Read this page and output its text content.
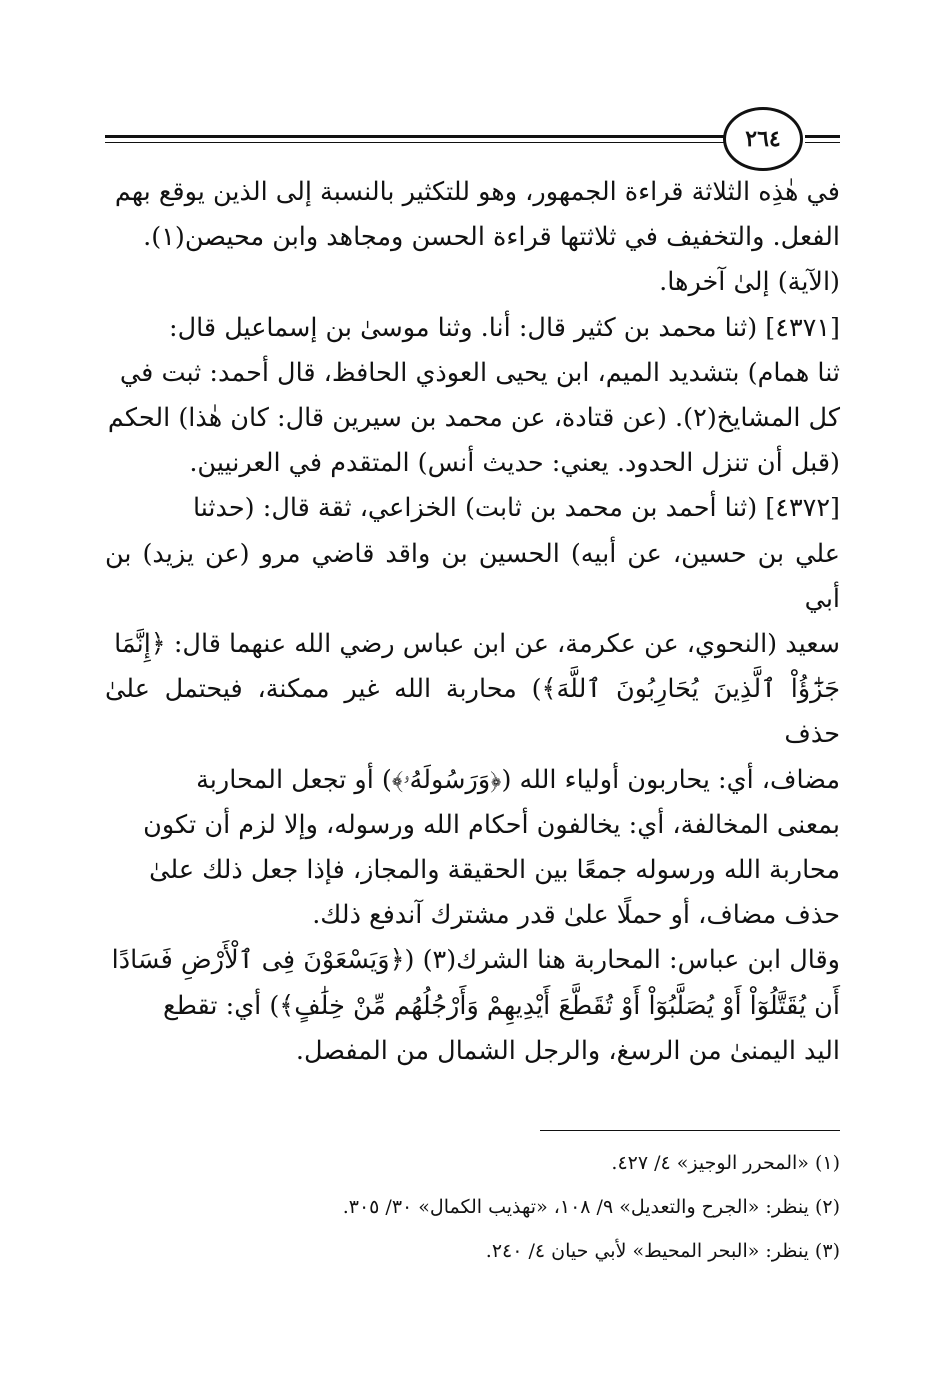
٢٦٤

في هٰذِه الثلاثة قراءة الجمهور، وهو للتكثير بالنسبة إلى الذين يوقع بهم

الفعل. والتخفيف في ثلاثتها قراءة الحسن ومجاهد وابن محيصن(١).

(الآية) إلىٰ آخرها.

[٤٣٧١] (ثنا محمد بن كثير قال: أنا. وثنا موسىٰ بن إسماعيل قال:

ثنا همام) بتشديد الميم، ابن يحيى العوذي الحافظ، قال أحمد: ثبت في

كل المشايخ(٢). (عن قتادة، عن محمد بن سيرين قال: كان هٰذا) الحكم

(قبل أن تنزل الحدود. يعني: حديث أنس) المتقدم في العرنيين.

[٤٣٧٢] (ثنا أحمد بن محمد بن ثابت) الخزاعي، ثقة قال: (حدثنا

علي بن حسين، عن أبيه) الحسين بن واقد قاضي مرو (عن يزيد) بن أبي

سعيد (النحوي، عن عكرمة، عن ابن عباس رضي الله عنهما قال: ﴿إِنَّمَا

جَزَٰٓؤُاْ ٱلَّذِينَ يُحَارِبُونَ ٱللَّهَ﴾) محاربة الله غير ممكنة، فيحتمل علىٰ حذف

مضاف، أي: يحاربون أولياء الله (﴿وَرَسُولَهُۥ﴾) أو تجعل المحاربة

بمعنى المخالفة، أي: يخالفون أحكام الله ورسوله، وإلا لزم أن تكون

محاربة الله ورسوله جمعًا بين الحقيقة والمجاز، فإذا جعل ذلك علىٰ

حذف مضاف، أو حملًا علىٰ قدر مشترك آندفع ذلك.

وقال ابن عباس: المحاربة هنا الشرك(٣) (﴿وَيَسْعَوْنَ فِى ٱلْأَرْضِ فَسَادًا

أَن يُقَتَّلُوٓاْ أَوْ يُصَلَّبُوٓاْ أَوْ تُقَطَّعَ أَيْدِيهِمْ وَأَرْجُلُهُم مِّنْ خِلَٰفٍ﴾) أي: تقطع

اليد اليمنىٰ من الرسغ، والرجل الشمال من المفصل.

(١) «المحرر الوجيز» ٤/ ٤٢٧.
(٢) ينظر: «الجرح والتعديل» ٩/ ١٠٨، «تهذيب الكمال» ٣٠/ ٣٠٥.
(٣) ينظر: «البحر المحيط» لأبي حيان ٤/ ٢٤٠.
